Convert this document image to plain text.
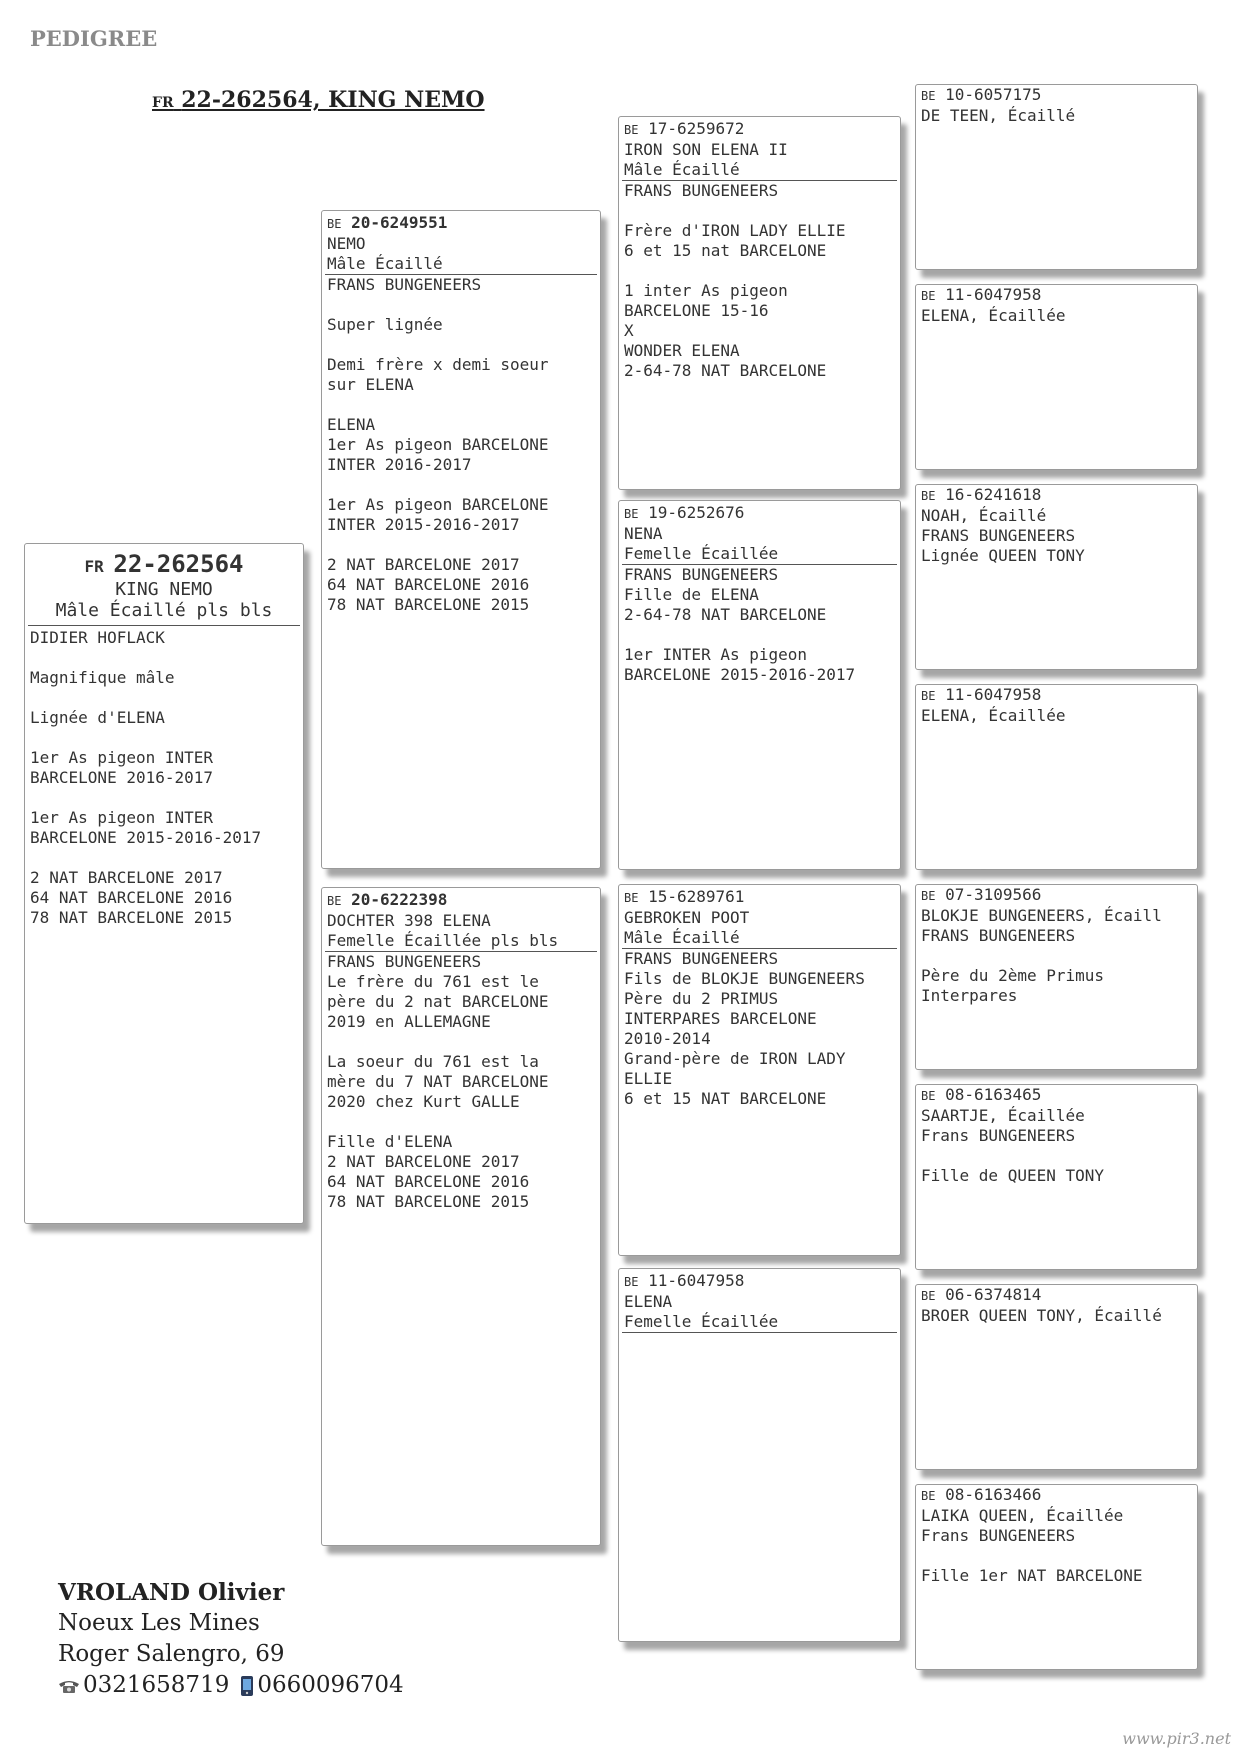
PEDIGREE
FR 22-262564, KING NEMO
FR 22-262564
KING NEMO
Mâle Écaillé pls bls
DIDIER HOFLACK

Magnifique mâle

Lignée d'ELENA

1er As pigeon INTER
BARCELONE 2016-2017

1er As pigeon INTER
BARCELONE 2015-2016-2017

2 NAT BARCELONE 2017
64 NAT BARCELONE 2016
78 NAT BARCELONE 2015
BE 20-6249551
NEMO
Mâle Écaillé
FRANS BUNGENEERS

Super lignée

Demi frère x demi soeur
sur ELENA

ELENA
1er As pigeon BARCELONE
INTER 2016-2017

1er As pigeon BARCELONE
INTER 2015-2016-2017

2 NAT BARCELONE 2017
64 NAT BARCELONE 2016
78 NAT BARCELONE 2015
BE 20-6222398
DOCHTER 398 ELENA
Femelle Écaillée pls bls
FRANS BUNGENEERS
Le frère du 761 est le
père du 2 nat BARCELONE
2019 en ALLEMAGNE

La soeur du 761 est la
mère du 7 NAT BARCELONE
2020 chez Kurt GALLE

Fille d'ELENA
2 NAT BARCELONE 2017
64 NAT BARCELONE 2016
78 NAT BARCELONE 2015
BE 17-6259672
IRON SON ELENA II
Mâle Écaillé
FRANS BUNGENEERS

Frère d'IRON LADY ELLIE
6 et 15 nat BARCELONE

1 inter As pigeon
BARCELONE 15-16
X
WONDER ELENA
2-64-78 NAT BARCELONE
BE 19-6252676
NENA
Femelle Écaillée
FRANS BUNGENEERS
Fille de ELENA
2-64-78 NAT BARCELONE

1er INTER As pigeon
BARCELONE 2015-2016-2017
BE 15-6289761
GEBROKEN POOT
Mâle Écaillé
FRANS BUNGENEERS
Fils de BLOKJE BUNGENEERS
Père du 2 PRIMUS
INTERPARES BARCELONE
2010-2014
Grand-père de IRON LADY
ELLIE
6 et 15 NAT BARCELONE
BE 11-6047958
ELENA
Femelle Écaillée
BE 10-6057175
DE TEEN, Écaillé
BE 11-6047958
ELENA, Écaillée
BE 16-6241618
NOAH, Écaillé
FRANS BUNGENEERS
Lignée QUEEN TONY
BE 11-6047958
ELENA, Écaillée
BE 07-3109566
BLOKJE BUNGENEERS, Écaill
FRANS BUNGENEERS

Père du 2ème Primus
Interpares
BE 08-6163465
SAARTJE, Écaillée
Frans BUNGENEERS

Fille de QUEEN TONY
BE 06-6374814
BROER QUEEN TONY, Écaillé
BE 08-6163466
LAIKA QUEEN, Écaillée
Frans BUNGENEERS

Fille 1er NAT BARCELONE
VROLAND Olivier
Noeux Les Mines
Roger Salengro, 69
0321658719 0660096704
www.pir3.net
